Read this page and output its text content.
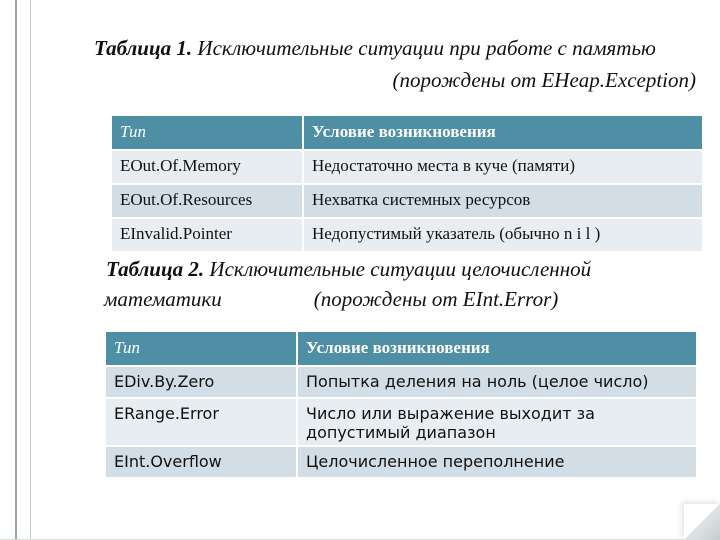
Таблица 1. Исключительные ситуации при работе с памятью
(порождены от EHeap.Exception)
Тип	Условие возникновения
EOut.Of.Memory	Недостаточно места в куче (памяти)
EOut.Of.Resources	Нехватка системных ресурсов
EInvalid.Pointer	Недопустимый указатель (обычно n i l )
Таблица 2. Исключительные ситуации целочисленной
математики	(порождены от EInt.Error)
Тип	Условие возникновения
EDiv.By.Zero	Попытка деления на ноль (целое число)
ERange.Error	Число или выражение выходит за допустимый диапазон
EInt.Overflow	Целочисленное переполнение
